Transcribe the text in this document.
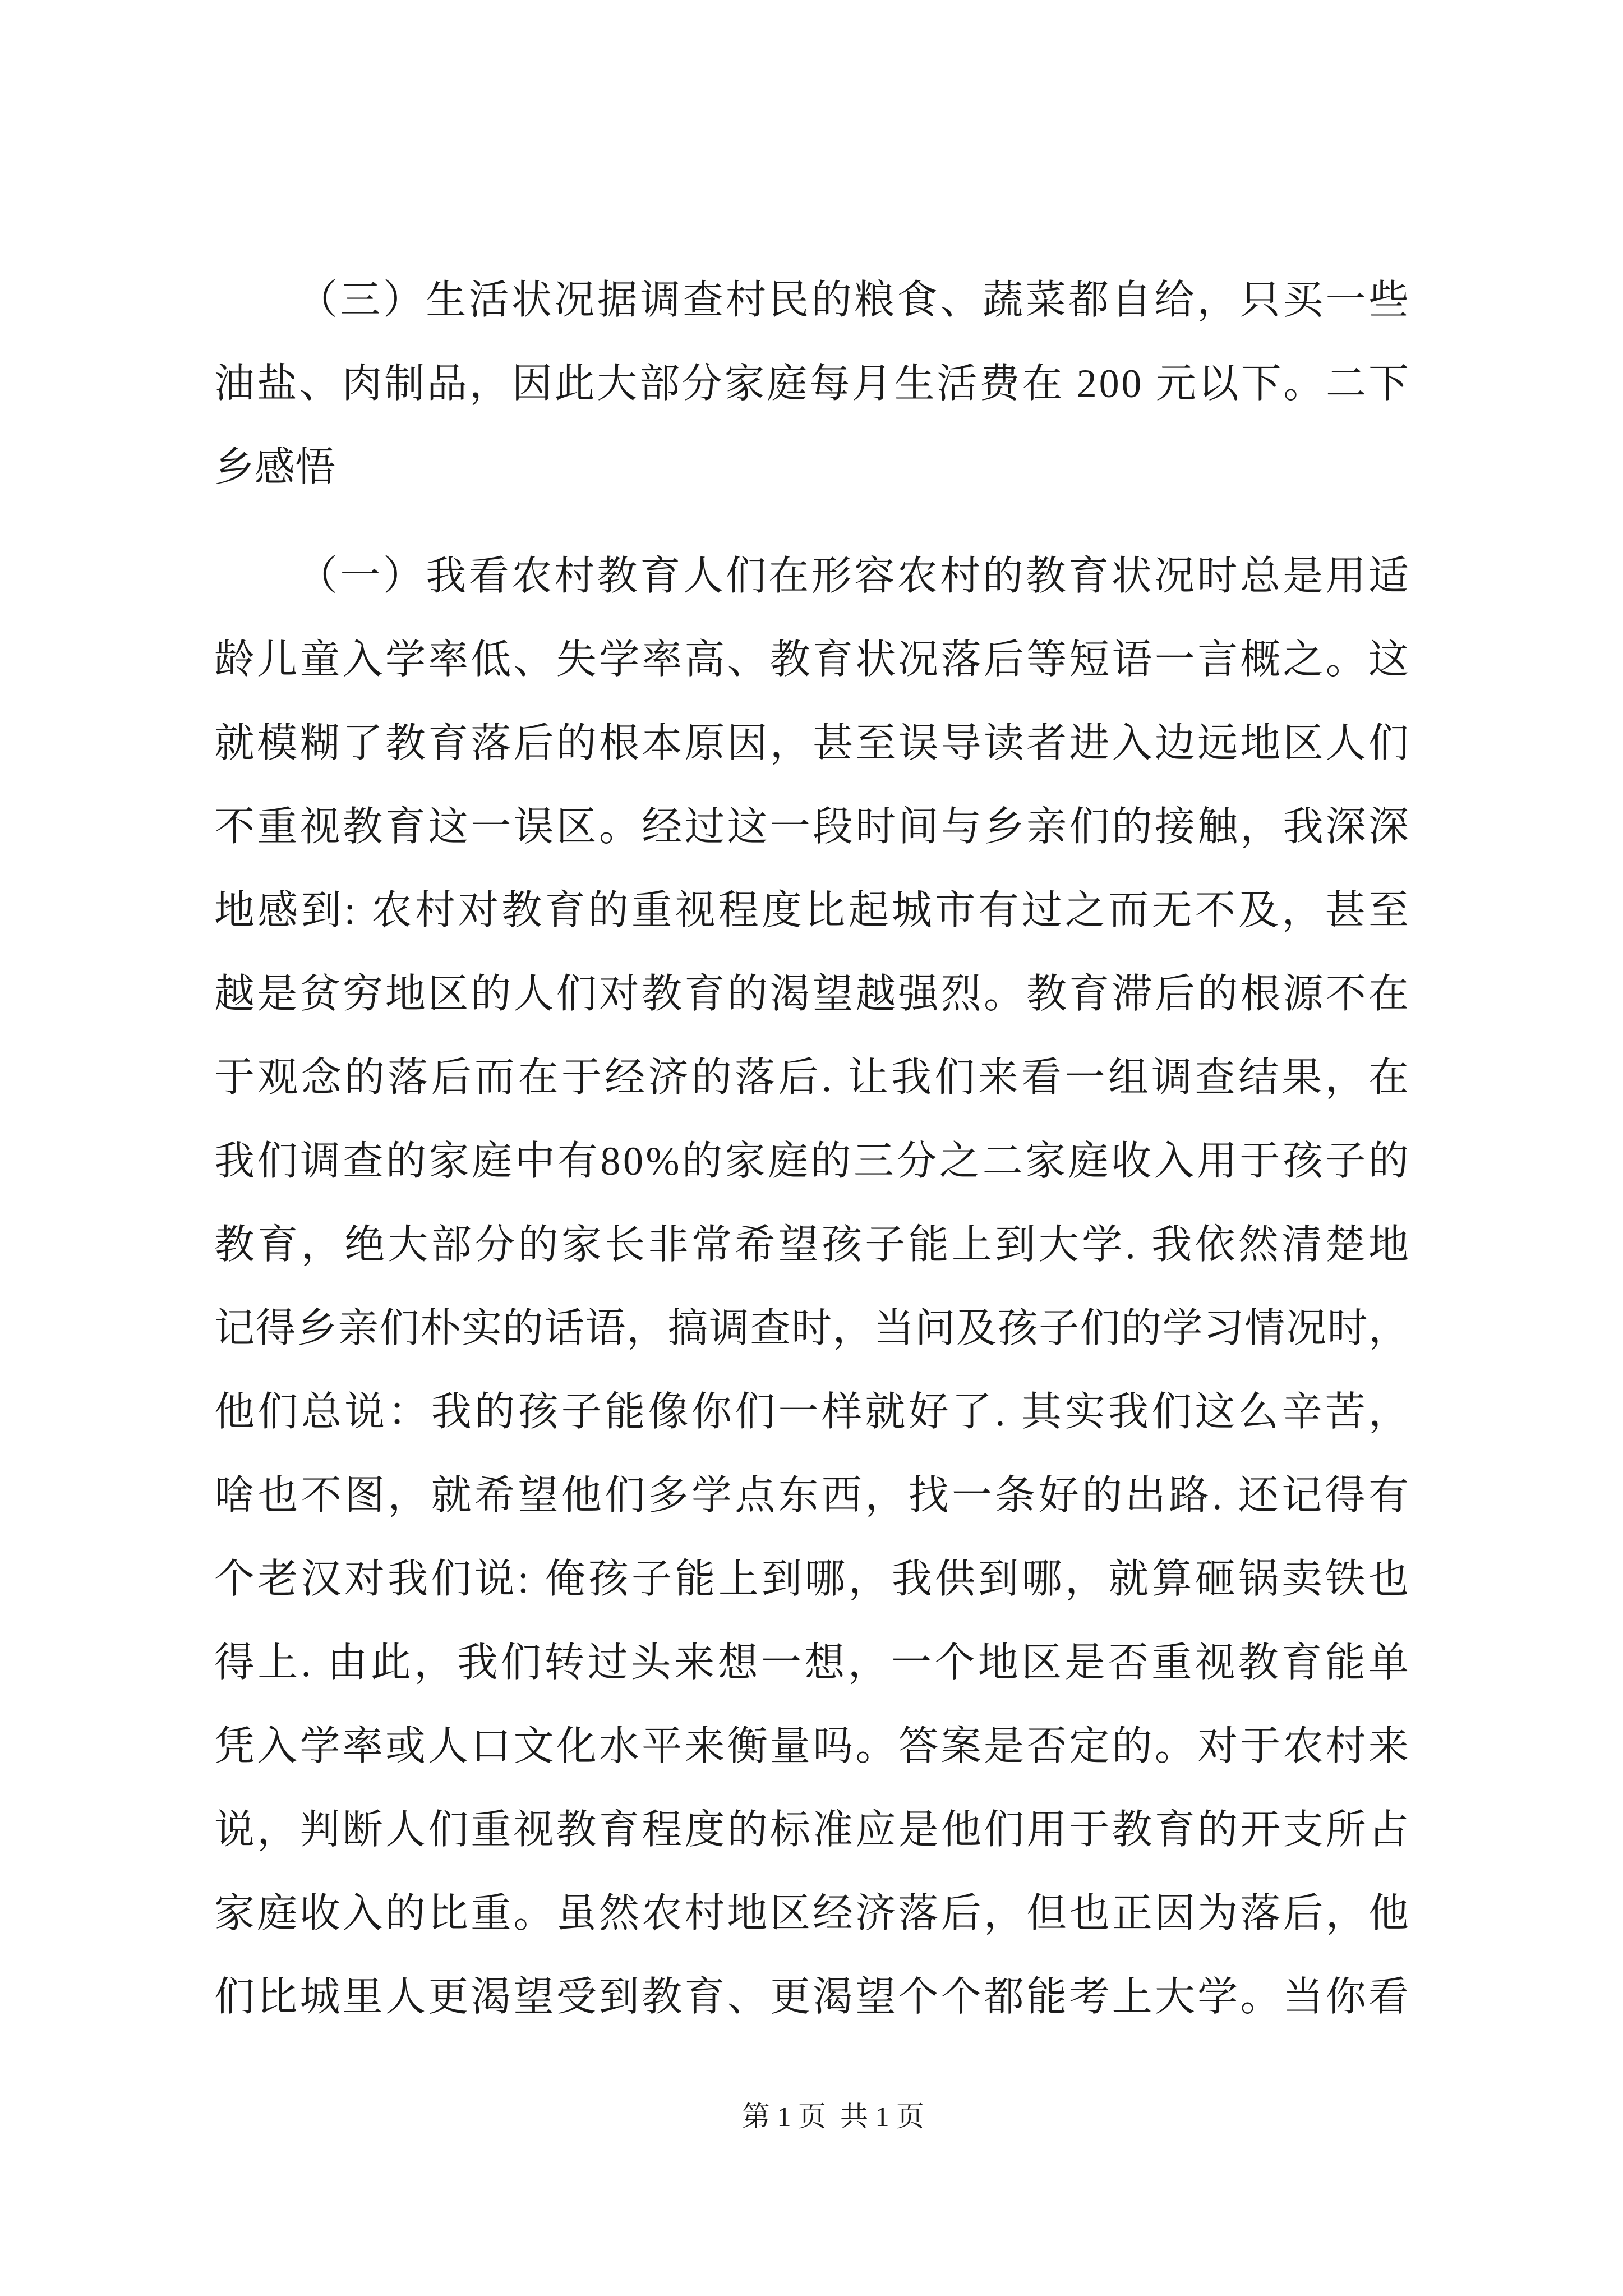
（三）生活状况据调查村民的粮食、蔬菜都自给，只买一些
油盐、肉制品，因此大部分家庭每月生活费在 200 元以下。二下
乡感悟
（一）我看农村教育人们在形容农村的教育状况时总是用适
龄儿童入学率低、失学率高、教育状况落后等短语一言概之。这
就模糊了教育落后的根本原因，甚至误导读者进入边远地区人们
不重视教育这一误区。经过这一段时间与乡亲们的接触，我深深
地感到: 农村对教育的重视程度比起城市有过之而无不及，甚至
越是贫穷地区的人们对教育的渴望越强烈。教育滞后的根源不在
于观念的落后而在于经济的落后. 让我们来看一组调查结果，在
我们调查的家庭中有80%的家庭的三分之二家庭收入用于孩子的
教育，绝大部分的家长非常希望孩子能上到大学. 我依然清楚地
记得乡亲们朴实的话语，搞调查时，当问及孩子们的学习情况时，
他们总说：我的孩子能像你们一样就好了. 其实我们这么辛苦，
啥也不图，就希望他们多学点东西，找一条好的出路. 还记得有
个老汉对我们说: 俺孩子能上到哪，我供到哪，就算砸锅卖铁也
得上. 由此，我们转过头来想一想，一个地区是否重视教育能单
凭入学率或人口文化水平来衡量吗。答案是否定的。对于农村来
说，判断人们重视教育程度的标准应是他们用于教育的开支所占
家庭收入的比重。虽然农村地区经济落后，但也正因为落后，他
们比城里人更渴望受到教育、更渴望个个都能考上大学。当你看
第 1 页  共 1 页
